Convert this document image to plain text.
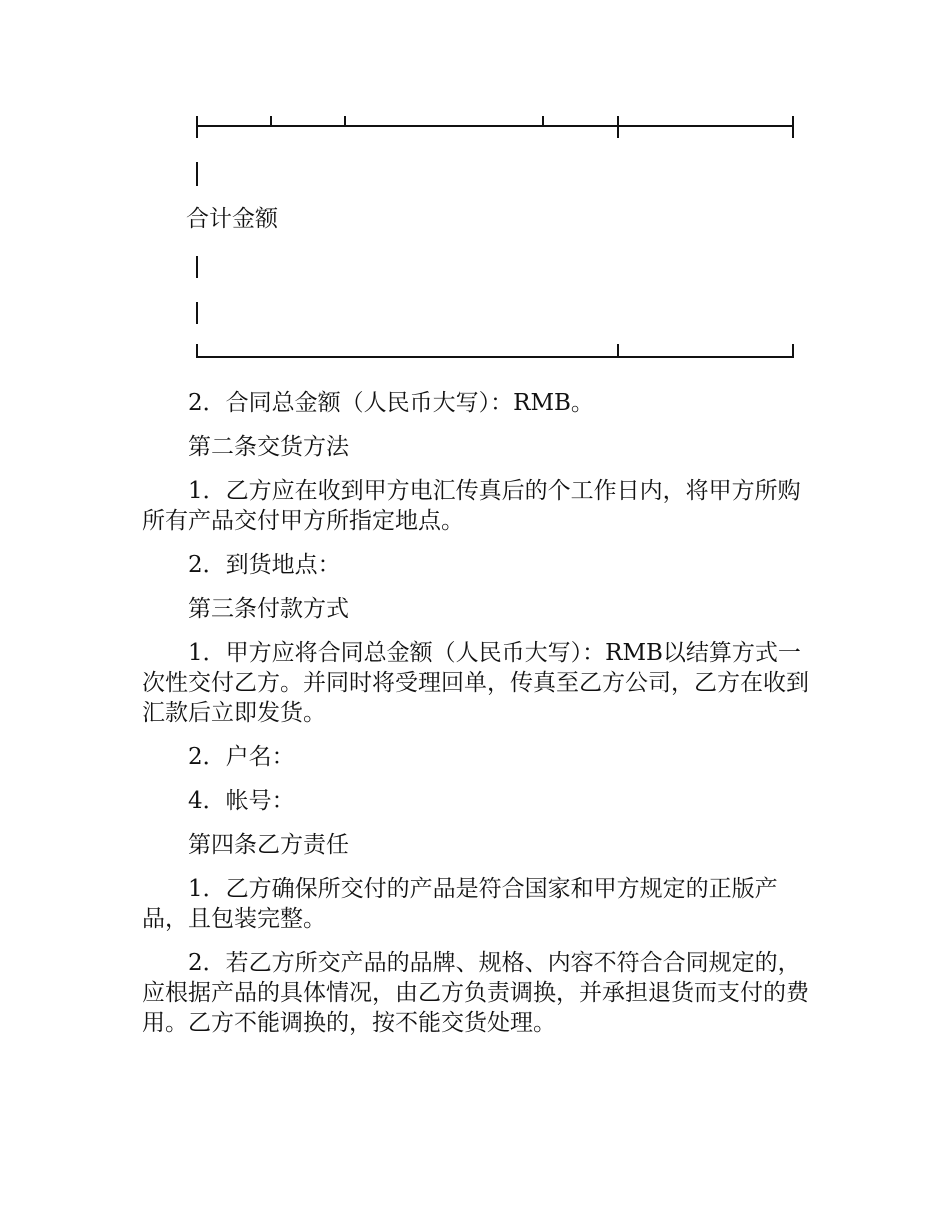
合计金额

2．合同总金额（人民币大写）：RMB。

第二条交货方法

1．乙方应在收到甲方电汇传真后的个工作日内，将甲方所购所有产品交付甲方所指定地点。

2．到货地点：

第三条付款方式

1．甲方应将合同总金额（人民币大写）：RMB以结算方式一次性交付乙方。并同时将受理回单，传真至乙方公司，乙方在收到汇款后立即发货。

2．户名：

4．帐号：

第四条乙方责任

1．乙方确保所交付的产品是符合国家和甲方规定的正版产品，且包装完整。

2．若乙方所交产品的品牌、规格、内容不符合合同规定的，应根据产品的具体情况，由乙方负责调换，并承担退货而支付的费用。乙方不能调换的，按不能交货处理。
